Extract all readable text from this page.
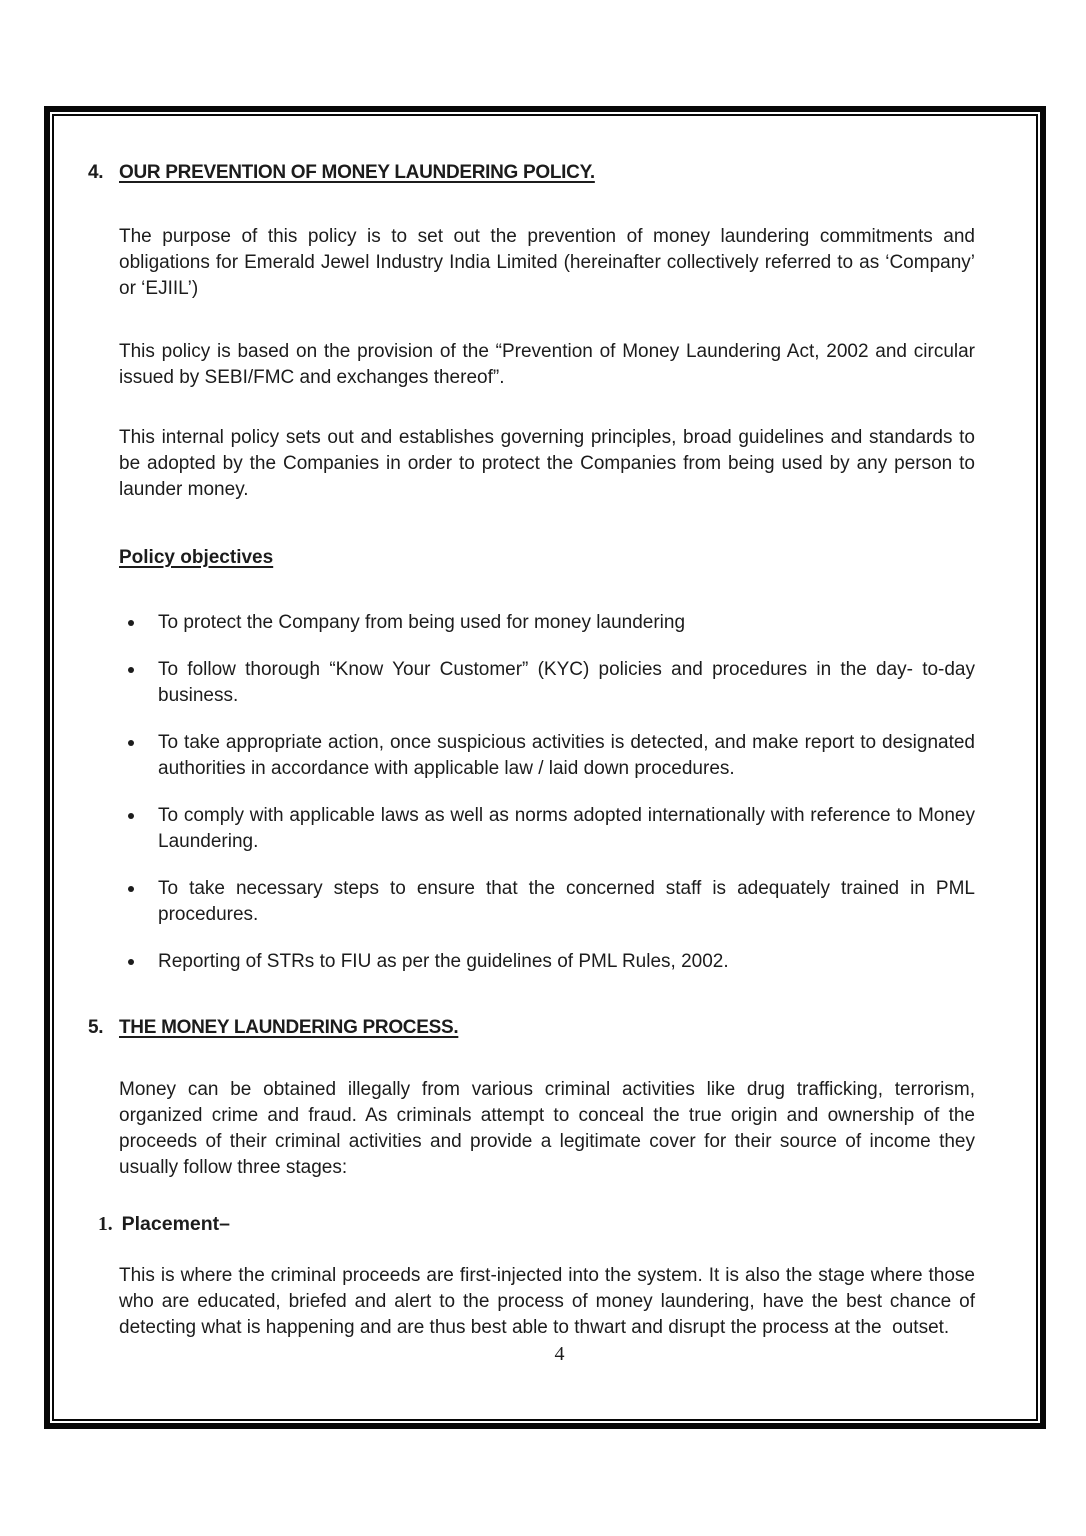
4. OUR PREVENTION OF MONEY LAUNDERING POLICY.

The purpose of this policy is to set out the prevention of money laundering commitments and obligations for Emerald Jewel Industry India Limited (hereinafter collectively referred to as ‘Company’ or ‘EJIIL’)

This policy is based on the provision of the “Prevention of Money Laundering Act, 2002 and circular issued by SEBI/FMC and exchanges thereof”.

This internal policy sets out and establishes governing principles, broad guidelines and standards to be adopted by the Companies in order to protect the Companies from being used by any person to launder money.

Policy objectives
To protect the Company from being used for money laundering
To follow thorough “Know Your Customer” (KYC) policies and procedures in the day- to-day business.
To take appropriate action, once suspicious activities is detected, and make report to designated authorities in accordance with applicable law / laid down procedures.
To comply with applicable laws as well as norms adopted internationally with reference to Money Laundering.
To take necessary steps to ensure that the concerned staff is adequately trained in PML procedures.
Reporting of STRs to FIU as per the guidelines of PML Rules, 2002.
5. THE MONEY LAUNDERING PROCESS.

Money can be obtained illegally from various criminal activities like drug trafficking, terrorism, organized crime and fraud. As criminals attempt to conceal the true origin and ownership of the proceeds of their criminal activities and provide a legitimate cover for their source of income they usually follow three stages:

1. Placement–

This is where the criminal proceeds are first-injected into the system. It is also the stage where those who are educated, briefed and alert to the process of money laundering, have the best chance of detecting what is happening and are thus best able to thwart and disrupt the process at the  outset.

4
